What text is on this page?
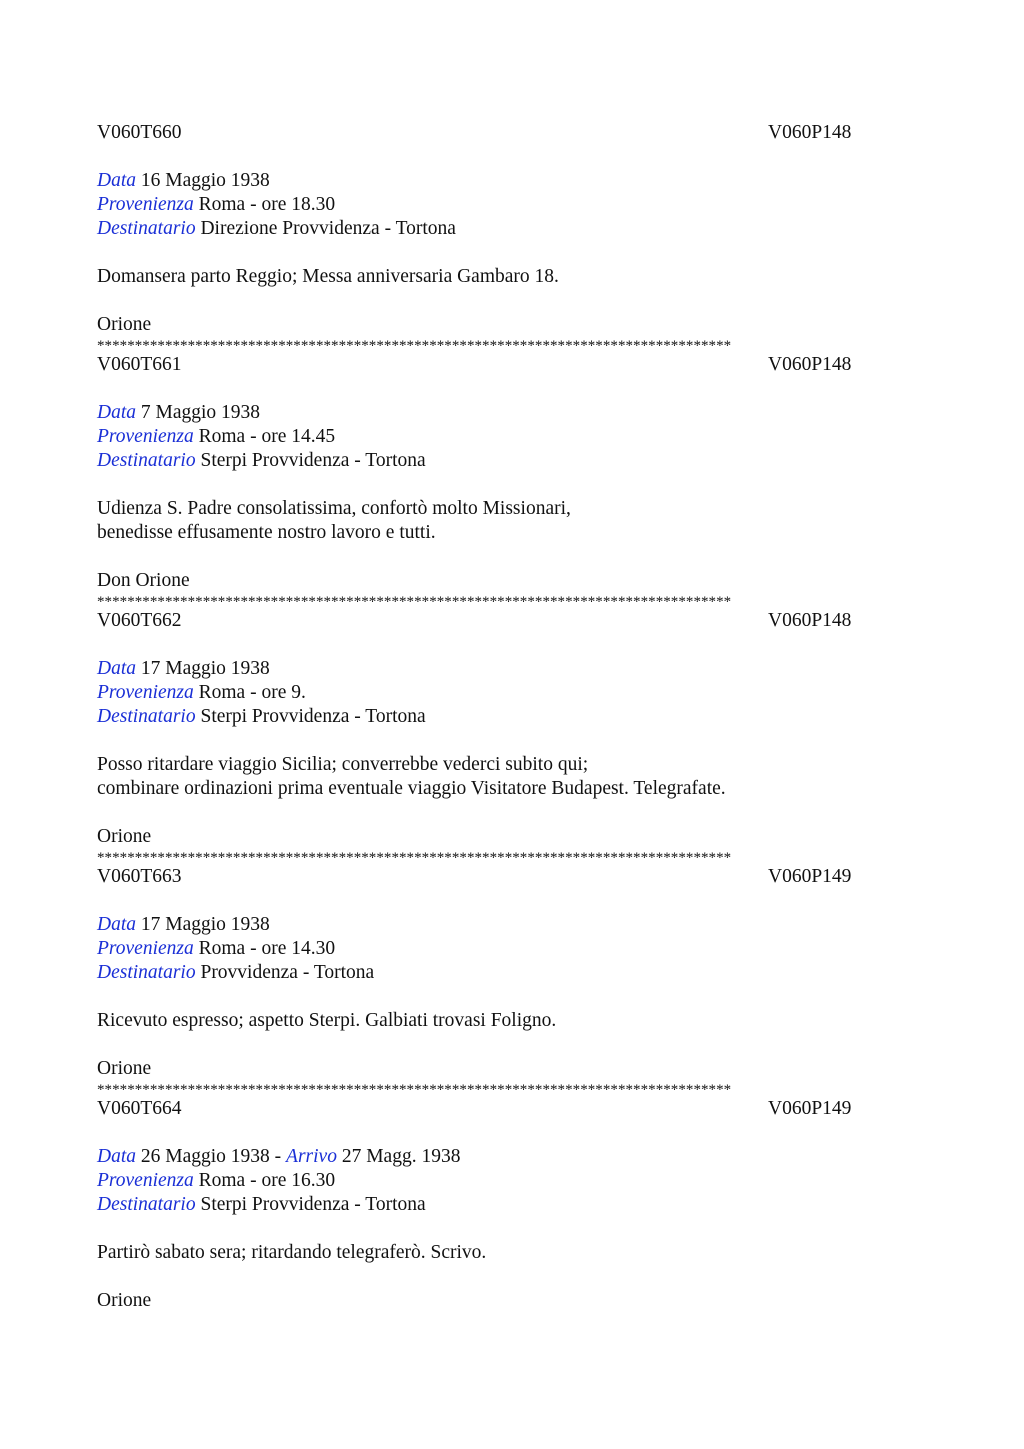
V060T660	V060P148
Data 16 Maggio 1938
Provenienza Roma - ore 18.30
Destinatario Direzione Provvidenza - Tortona
Domansera parto Reggio; Messa anniversaria Gambaro 18.
Orione
************************************************************************************
V060T661	V060P148
Data 7 Maggio 1938
Provenienza Roma - ore 14.45
Destinatario Sterpi Provvidenza - Tortona
Udienza S. Padre consolatissima, confortò molto Missionari,
benedisse effusamente nostro lavoro e tutti.
Don Orione
************************************************************************************
V060T662	V060P148
Data 17 Maggio 1938
Provenienza Roma - ore 9.
Destinatario Sterpi Provvidenza - Tortona
Posso ritardare viaggio Sicilia; converrebbe vederci subito qui;
combinare ordinazioni prima eventuale viaggio Visitatore Budapest. Telegrafate.
Orione
************************************************************************************
V060T663	V060P149
Data 17 Maggio 1938
Provenienza Roma - ore 14.30
Destinatario Provvidenza - Tortona
Ricevuto espresso; aspetto Sterpi. Galbiati trovasi Foligno.
Orione
************************************************************************************
V060T664	V060P149
Data 26 Maggio 1938 - Arrivo 27 Magg. 1938
Provenienza Roma - ore 16.30
Destinatario Sterpi Provvidenza - Tortona
Partirò sabato sera; ritardando telegraferò. Scrivo.
Orione
